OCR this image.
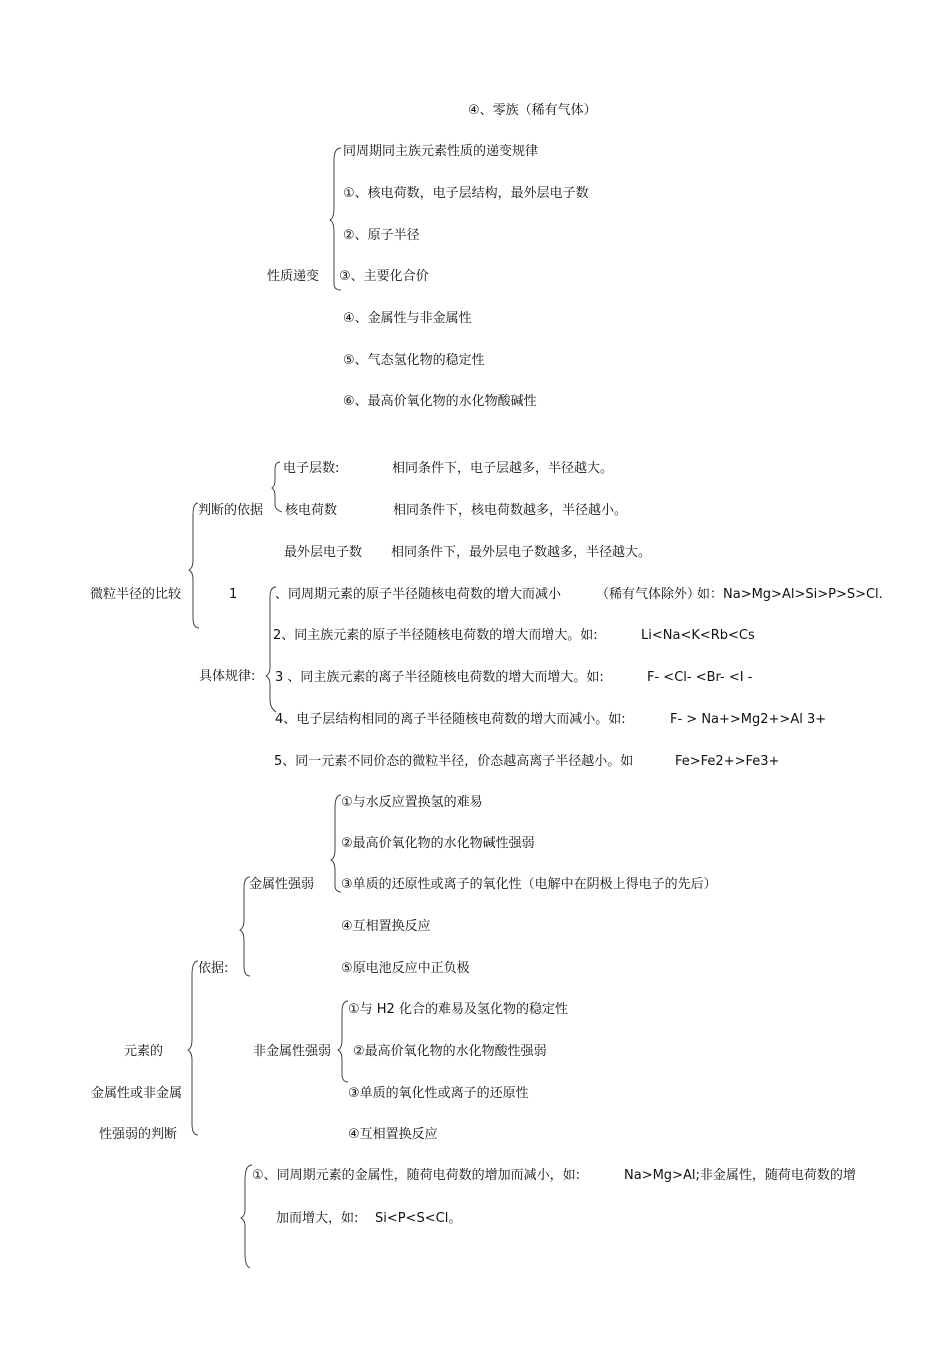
④、零族（稀有气体）
性质递变
同周期同主族元素性质的递变规律
①、核电荷数，电子层结构，最外层电子数
②、原子半径
③、主要化合价
④、金属性与非金属性
⑤、气态氢化物的稳定性
⑥、最高价氧化物的水化物酸碱性
微粒半径的比较
判断的依据
电子层数:	相同条件下，电子层越多，半径越大。
核电荷数	相同条件下，核电荷数越多，半径越小。
最外层电子数 相同条件下，最外层电子数越多，半径越大。
1
具体规律:
、同周期元素的原子半径随核电荷数的增大而减小	（稀有气体除外）
如：Na>Mg>Al>Si>P>S>Cl.
2、同主族元素的原子半径随核电荷数的增大而增大。如:	Li<Na<K<Rb<Cs
3 、同主族元素的离子半径随核电荷数的增大而增大。如:	F- <Cl- <Br- <I -
4、电子层结构相同的离子半径随核电荷数的增大而减小。如:	F- > Na+>Mg2+>Al 3+
5、同一元素不同价态的微粒半径，价态越高离子半径越小。如	Fe>Fe2+>Fe3+
元素的
金属性或非金属
性强弱的判断
依据:
金属性强弱
非金属性强弱
①与水反应置换氢的难易
②最高价氧化物的水化物碱性强弱
③单质的还原性或离子的氧化性（电解中在阴极上得电子的先后）
④互相置换反应
⑤原电池反应中正负极
①与 H2 化合的难易及氢化物的稳定性
②最高价氧化物的水化物酸性强弱
③单质的氧化性或离子的还原性
④互相置换反应
①、同周期元素的金属性，随荷电荷数的增加而减小，如:	Na>Mg>Al;非金属性，随荷电荷数的增
加而增大，如: Si<P<S<Cl。
